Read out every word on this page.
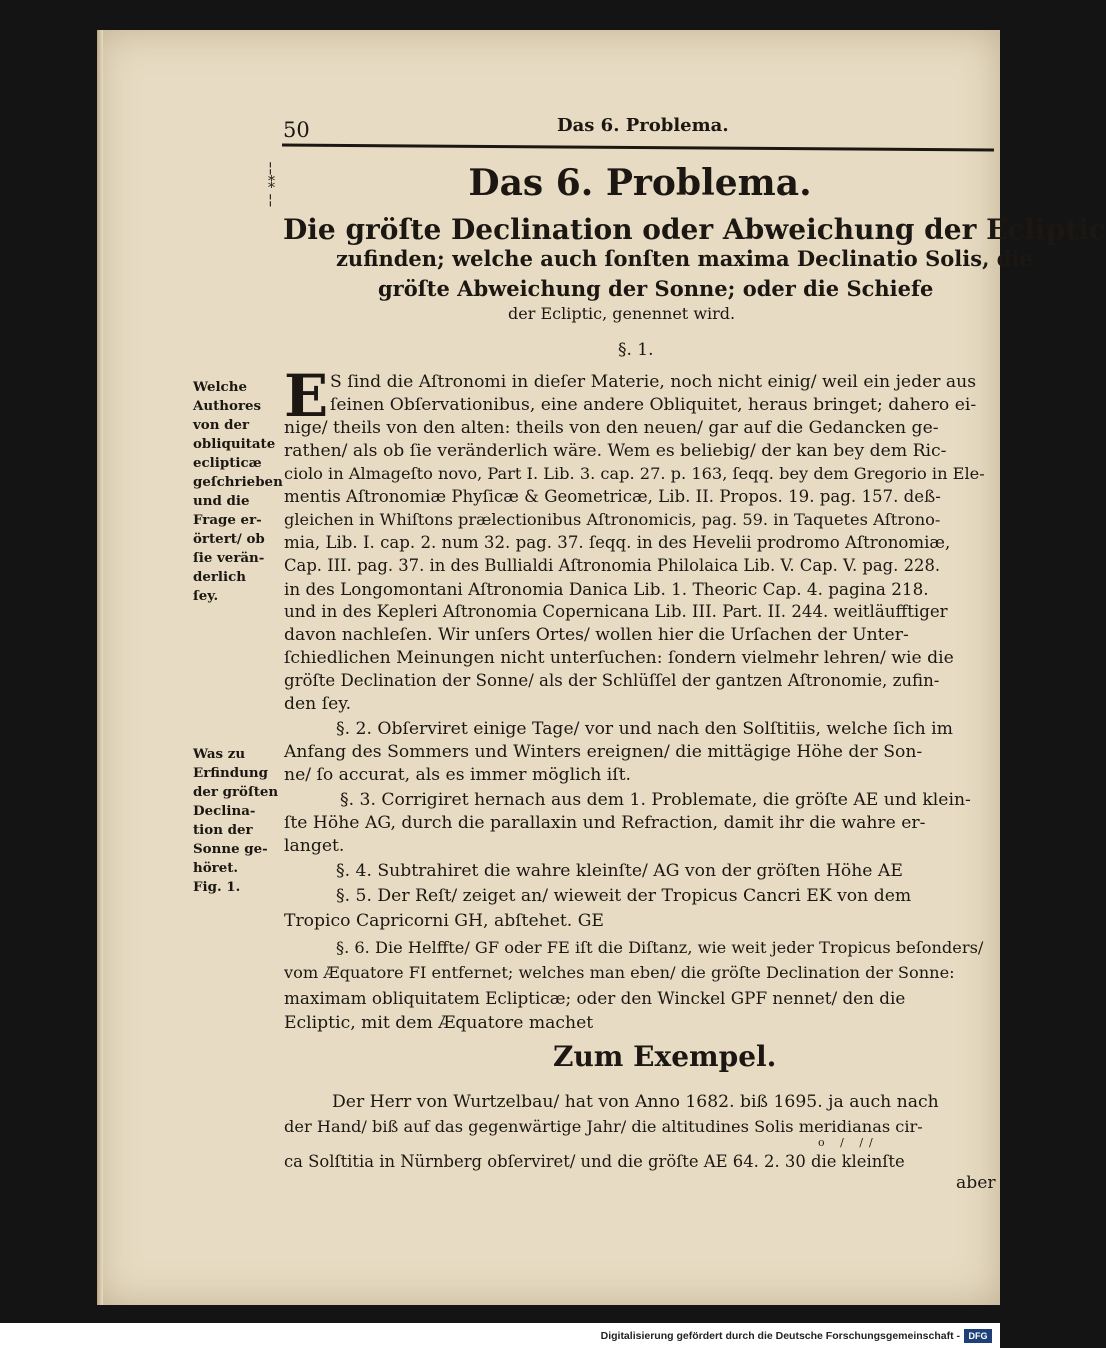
50	Das 6. Problema.
¦
⁑
¦	Das 6. Problema.
Die gröſte Declination oder Abweichung der Ecliptic
zufinden; welche auch ſonſten maxima Declinatio Solis, die
gröſte Abweichung der Sonne; oder die Schiefe
der Ecliptic, genennet wird.
§. 1.
Welche
Authores
von der
obliquitate
eclipticæ
geſchrieben
und die
Frage er-
örtert/ ob
ſie verän-
derlich
ſey.
Was zu
Erfindung
der gröſten
Declina-
tion der
Sonne ge-
höret.
Fig. 1.
E S ſind die Aſtronomi in dieſer Materie, noch nicht einig/ weil ein jeder aus
ſeinen Obſervationibus, eine andere Obliquitet, heraus bringet; dahero ei-
nige/ theils von den alten: theils von den neuen/ gar auf die Gedancken ge-
rathen/ als ob ſie veränderlich wäre. Wem es beliebig/ der kan bey dem Ric-
ciolo in Almageſto novo, Part I. Lib. 3. cap. 27. p. 163, ſeqq. bey dem Gregorio in Ele-
mentis Aſtronomiæ Phyſicæ & Geometricæ, Lib. II. Propos. 19. pag. 157. deß-
gleichen in Whiſtons prælectionibus Aſtronomicis, pag. 59. in Taquetes Aſtrono-
mia, Lib. I. cap. 2. num 32. pag. 37. ſeqq. in des Hevelii prodromo Aſtronomiæ,
Cap. III. pag. 37. in des Bullialdi Aſtronomia Philolaica Lib. V. Cap. V. pag. 228.
in des Longomontani Aſtronomia Danica Lib. 1. Theoric Cap. 4. pagina 218.
und in des Kepleri Aſtronomia Copernicana Lib. III. Part. II. 244. weitläufftiger
davon nachleſen. Wir unſers Ortes/ wollen hier die Urſachen der Unter-
ſchiedlichen Meinungen nicht unterſuchen: ſondern vielmehr lehren/ wie die
gröſte Declination der Sonne/ als der Schlüſſel der gantzen Aſtronomie, zufin-
den ſey.
§. 2. Obſerviret einige Tage/ vor und nach den Solſtitiis, welche ſich im
Anfang des Sommers und Winters ereignen/ die mittägige Höhe der Son-
ne/ ſo accurat, als es immer möglich iſt.
§. 3. Corrigiret hernach aus dem 1. Problemate, die gröſte AE und klein-
ſte Höhe AG, durch die parallaxin und Refraction, damit ihr die wahre er-
langet.
§. 4. Subtrahiret die wahre kleinſte/ AG von der gröſten Höhe AE
§. 5. Der Reſt/ zeiget an/ wieweit der Tropicus Cancri EK von dem
Tropico Capricorni GH, abſtehet. GE
§. 6. Die Helffte/ GF oder FE iſt die Diſtanz, wie weit jeder Tropicus beſonders/
vom Æquatore FI entfernet; welches man eben/ die gröſte Declination der Sonne:
maximam obliquitatem Eclipticæ; oder den Winckel GPF nennet/ den die
Ecliptic, mit dem Æquatore machet
Zum Exempel.
Der Herr von Wurtzelbau/ hat von Anno 1682. biß 1695. ja auch nach
der Hand/ biß auf das gegenwärtige Jahr/ die altitudines Solis meridianas cir-
o / //
ca Solſtitia in Nürnberg obſerviret/ und die gröſte AE 64. 2. 30 die kleinſte
aber
Digitalisierung gefördert durch die Deutsche Forschungsgemeinschaft - DFG
